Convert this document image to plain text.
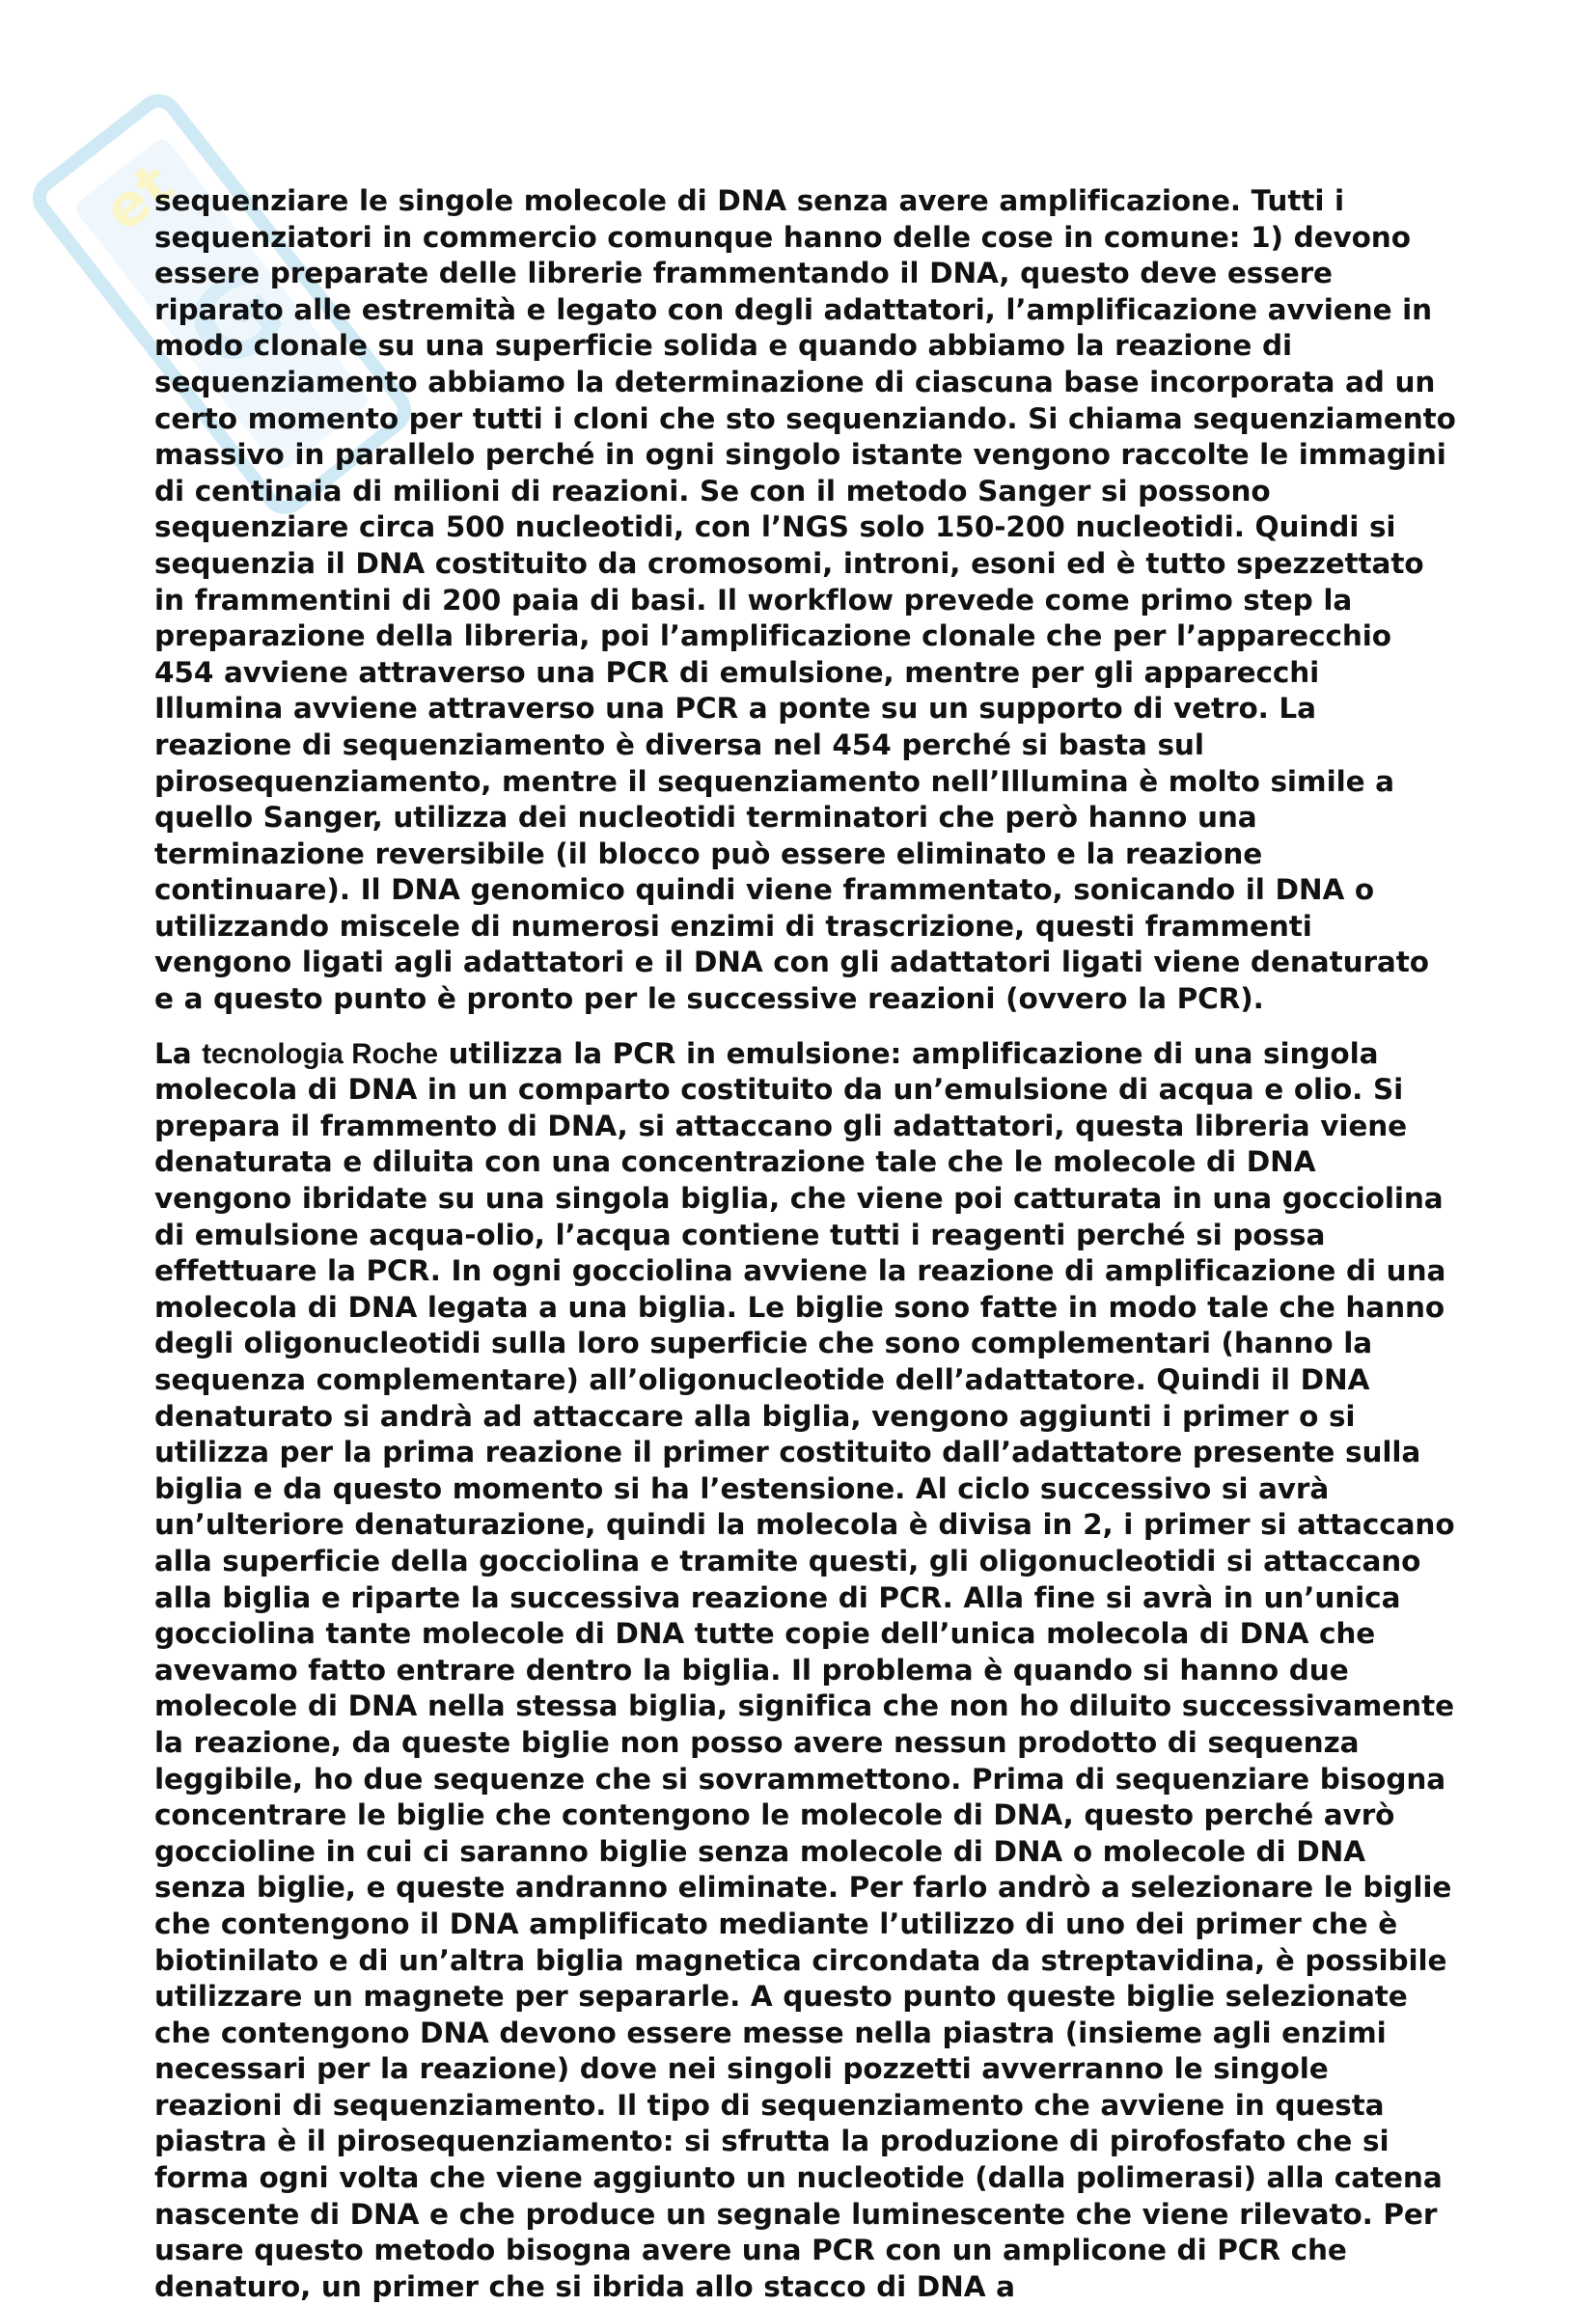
et
G

sequenziare le singole molecole di DNA senza avere amplificazione. Tutti i sequenziatori in commercio comunque hanno delle cose in comune: 1) devono essere preparate delle librerie frammentando il DNA, questo deve essere riparato alle estremità e legato con degli adattatori, l’amplificazione avviene in modo clonale su una superficie solida e quando abbiamo la reazione di sequenziamento abbiamo la determinazione di ciascuna base incorporata ad un certo momento per tutti i cloni che sto sequenziando. Si chiama sequenziamento massivo in parallelo perché in ogni singolo istante vengono raccolte le immagini di centinaia di milioni di reazioni. Se con il metodo Sanger si possono sequenziare circa 500 nucleotidi, con l’NGS solo 150-200 nucleotidi. Quindi si sequenzia il DNA costituito da cromosomi, introni, esoni ed è tutto spezzettato in frammentini di 200 paia di basi. Il workflow prevede come primo step la preparazione della libreria, poi l’amplificazione clonale che per l’apparecchio 454 avviene attraverso una PCR di emulsione, mentre per gli apparecchi Illumina avviene attraverso una PCR a ponte su un supporto di vetro. La reazione di sequenziamento è diversa nel 454 perché si basta sul pirosequenziamento, mentre il sequenziamento nell’Illumina è molto simile a quello Sanger, utilizza dei nucleotidi terminatori che però hanno una terminazione reversibile (il blocco può essere eliminato e la reazione continuare). Il DNA genomico quindi viene frammentato, sonicando il DNA o utilizzando miscele di numerosi enzimi di trascrizione, questi frammenti vengono ligati agli adattatori e il DNA con gli adattatori ligati viene denaturato e a questo punto è pronto per le successive reazioni (ovvero la PCR).

La tecnologia Roche utilizza la PCR in emulsione: amplificazione di una singola molecola di DNA in un comparto costituito da un’emulsione di acqua e olio. Si prepara il frammento di DNA, si attaccano gli adattatori, questa libreria viene denaturata e diluita con una concentrazione tale che le molecole di DNA vengono ibridate su una singola biglia, che viene poi catturata in una gocciolina di emulsione acqua-olio, l’acqua contiene tutti i reagenti perché si possa effettuare la PCR. In ogni gocciolina avviene la reazione di amplificazione di una molecola di DNA legata a una biglia. Le biglie sono fatte in modo tale che hanno degli oligonucleotidi sulla loro superficie che sono complementari (hanno la sequenza complementare) all’oligonucleotide dell’adattatore. Quindi il DNA denaturato si andrà ad attaccare alla biglia, vengono aggiunti i primer o si utilizza per la prima reazione il primer costituito dall’adattatore presente sulla biglia e da questo momento si ha l’estensione. Al ciclo successivo si avrà un’ulteriore denaturazione, quindi la molecola è divisa in 2, i primer si attaccano alla superficie della gocciolina e tramite questi, gli oligonucleotidi si attaccano alla biglia e riparte la successiva reazione di PCR. Alla fine si avrà in un’unica gocciolina tante molecole di DNA tutte copie dell’unica molecola di DNA che avevamo fatto entrare dentro la biglia. Il problema è quando si hanno due molecole di DNA nella stessa biglia, significa che non ho diluito successivamente la reazione, da queste biglie non posso avere nessun prodotto di sequenza leggibile, ho due sequenze che si sovrammettono. Prima di sequenziare bisogna concentrare le biglie che contengono le molecole di DNA, questo perché avrò goccioline in cui ci saranno biglie senza molecole di DNA o molecole di DNA senza biglie, e queste andranno eliminate. Per farlo andrò a selezionare le biglie che contengono il DNA amplificato mediante l’utilizzo di uno dei primer che è biotinilato e di un’altra biglia magnetica circondata da streptavidina, è possibile utilizzare un magnete per separarle. A questo punto queste biglie selezionate che contengono DNA devono essere messe nella piastra (insieme agli enzimi necessari per la reazione) dove nei singoli pozzetti avverranno le singole reazioni di sequenziamento. Il tipo di sequenziamento che avviene in questa piastra è il pirosequenziamento: si sfrutta la produzione di pirofosfato che si forma ogni volta che viene aggiunto un nucleotide (dalla polimerasi) alla catena nascente di DNA e che produce un segnale luminescente che viene rilevato. Per usare questo metodo bisogna avere una PCR con un amplicone di PCR che denaturo, un primer che si ibrida allo stacco di DNA a
